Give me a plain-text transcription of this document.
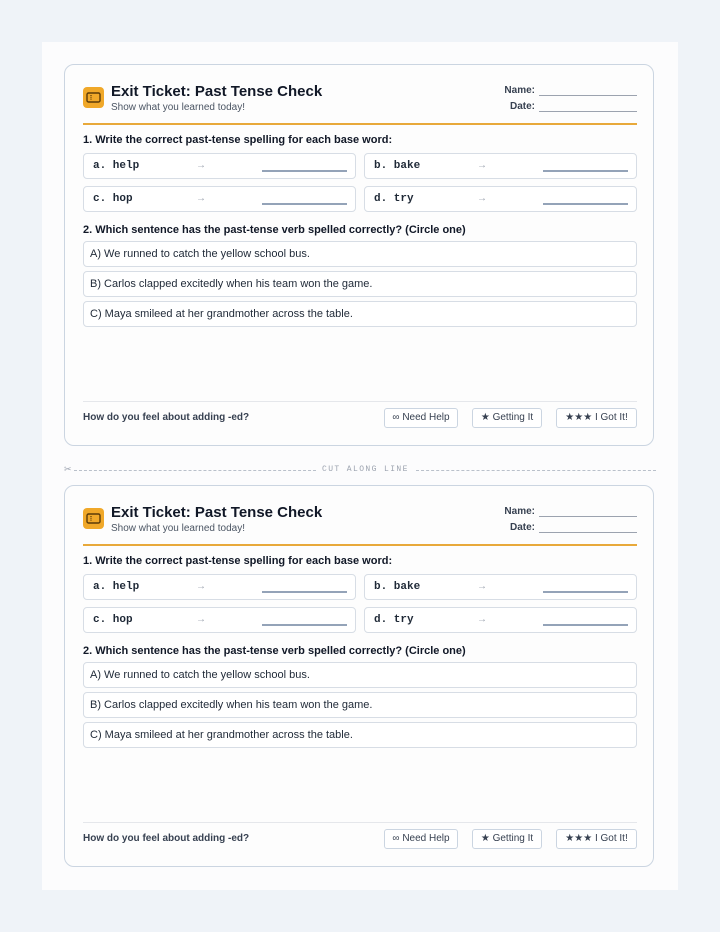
Exit Ticket: Past Tense Check
Show what you learned today!
Name:
Date:
1. Write the correct past-tense spelling for each base word:
a. help	→	b. bake	→
c. hop	→	d. try	→
2. Which sentence has the past-tense verb spelled correctly? (Circle one)
A) We runned to catch the yellow school bus.
B) Carlos clapped excitedly when his team won the game.
C) Maya smileed at her grandmother across the table.
How do you feel about adding -ed?	∞ Need Help	★ Getting It	★★★ I Got It!
✂	CUT ALONG LINE
Exit Ticket: Past Tense Check
Show what you learned today!
Name:
Date:
1. Write the correct past-tense spelling for each base word:
a. help	→	b. bake	→
c. hop	→	d. try	→
2. Which sentence has the past-tense verb spelled correctly? (Circle one)
A) We runned to catch the yellow school bus.
B) Carlos clapped excitedly when his team won the game.
C) Maya smileed at her grandmother across the table.
How do you feel about adding -ed?	∞ Need Help	★ Getting It	★★★ I Got It!
